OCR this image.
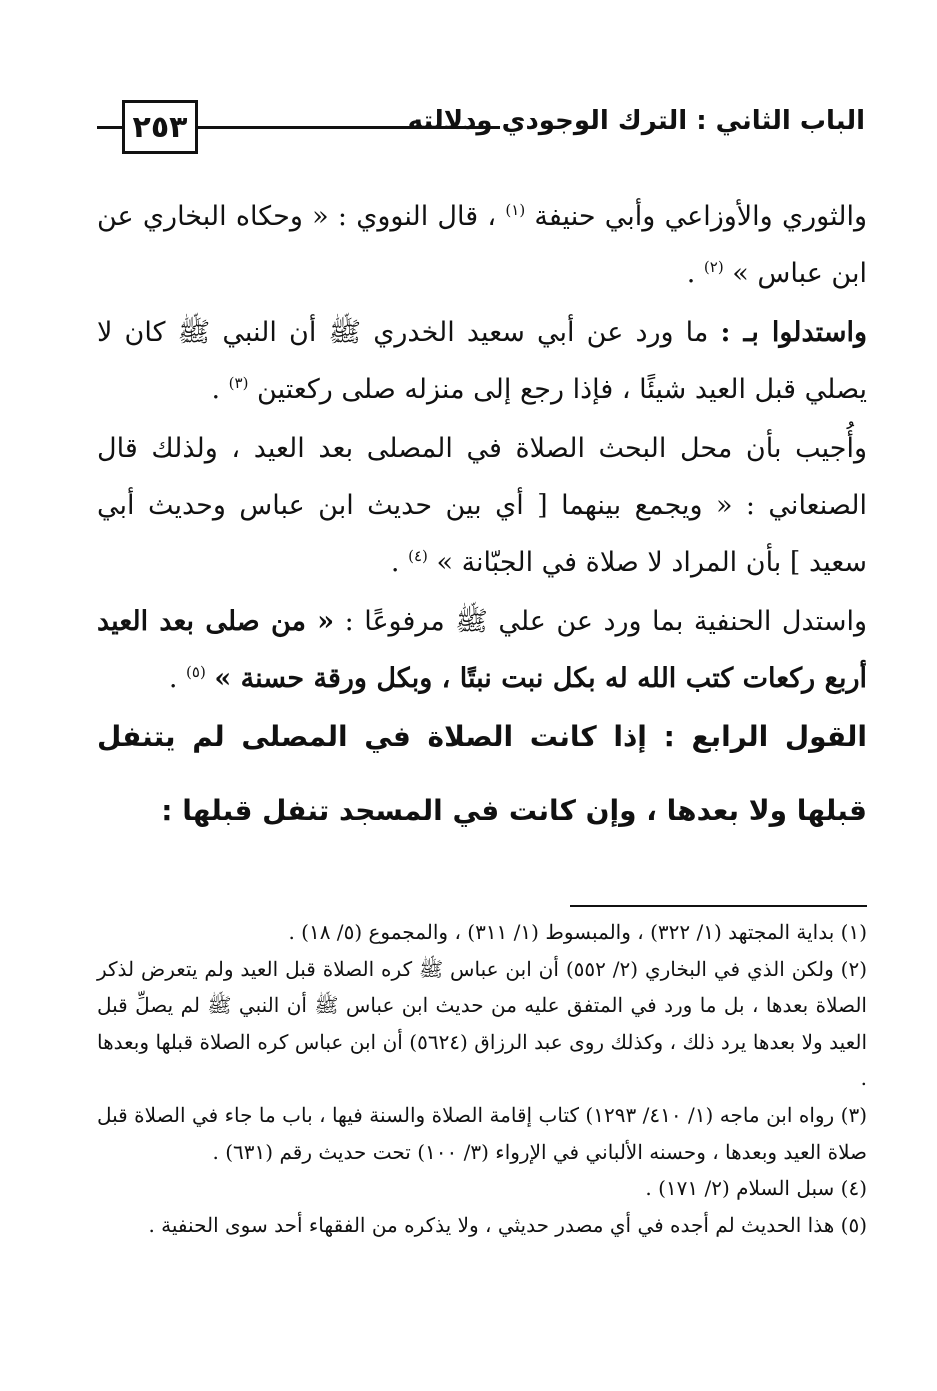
٢٥٣	الباب الثاني : الترك الوجودي ودلالته

والثوري والأوزاعي وأبي حنيفة $^{(١)}$ ، قال النووي : « وحكاه البخاري عن ابن عباس » $^{(٢)}$ .

واستدلوا بـ : ما ورد عن أبي سعيد الخدري ﷺ أن النبي ﷺ كان لا يصلي قبل العيد شيئًا ، فإذا رجع إلى منزله صلى ركعتين $^{(٣)}$ .

وأُجيب بأن محل البحث الصلاة في المصلى بعد العيد ، ولذلك قال الصنعاني : « ويجمع بينهما [ أي بين حديث ابن عباس وحديث أبي سعيد ] بأن المراد لا صلاة في الجبّانة » $^{(٤)}$ .

واستدل الحنفية بما ورد عن علي ﷺ مرفوعًا : « من صلى بعد العيد أربع ركعات كتب الله له بكل نبت نبتًا ، وبكل ورقة حسنة » $^{(٥)}$ .

القول الرابع : إذا كانت الصلاة في المصلى لم يتنفل قبلها ولا بعدها ، وإن كانت في المسجد تنفل قبلها :

(١) بداية المجتهد (١/ ٣٢٢) ، والمبسوط (١/ ٣١١) ، والمجموع (٥/ ١٨) .

(٢) ولكن الذي في البخاري (٢/ ٥٥٢) أن ابن عباس ﷺ كره الصلاة قبل العيد ولم يتعرض لذكر الصلاة بعدها ، بل ما ورد في المتفق عليه من حديث ابن عباس ﷺ أن النبي ﷺ لم يصلِّ قبل العيد ولا بعدها يرد ذلك ، وكذلك روى عبد الرزاق (٥٦٢٤) أن ابن عباس كره الصلاة قبلها وبعدها .

(٣) رواه ابن ماجه (١/ ٤١٠/ ١٢٩٣) كتاب إقامة الصلاة والسنة فيها ، باب ما جاء في الصلاة قبل صلاة العيد وبعدها ، وحسنه الألباني في الإرواء (٣/ ١٠٠) تحت حديث رقم (٦٣١) .

(٤) سبل السلام (٢/ ١٧١) .

(٥) هذا الحديث لم أجده في أي مصدر حديثي ، ولا يذكره من الفقهاء أحد سوى الحنفية .
